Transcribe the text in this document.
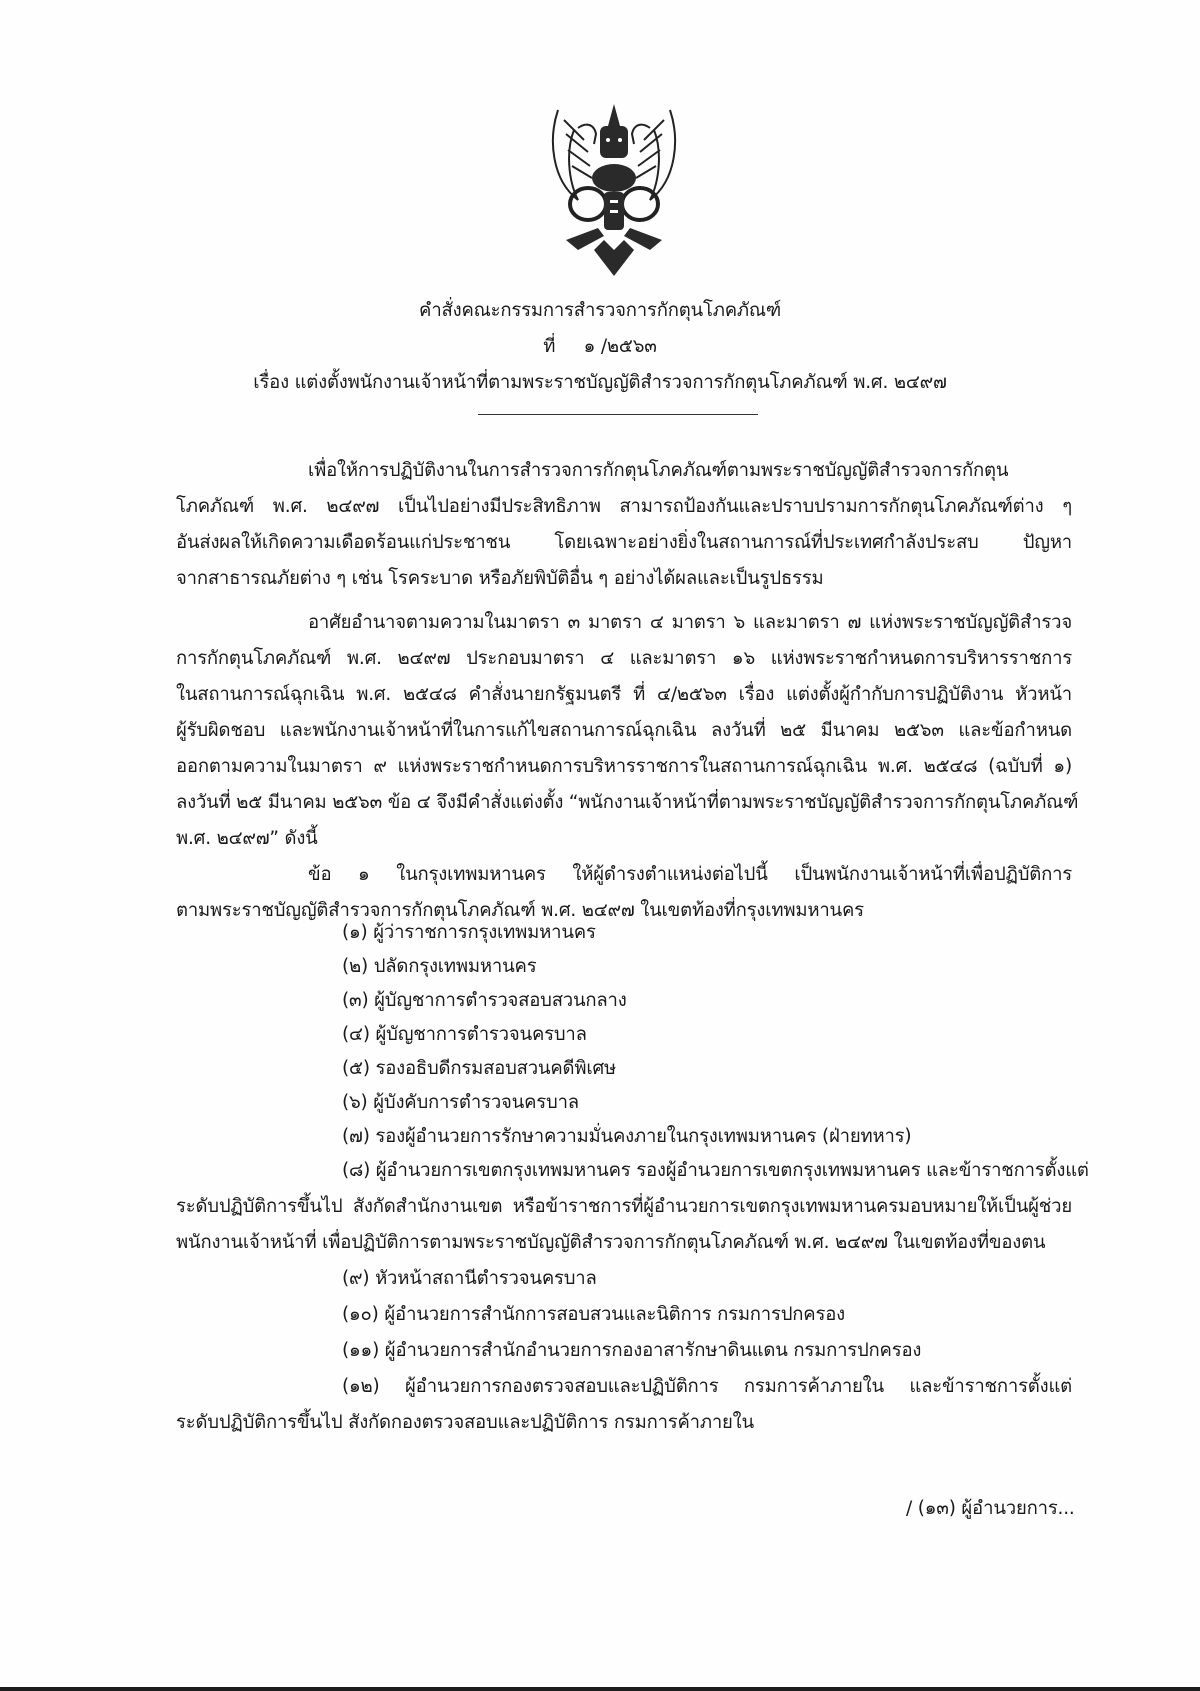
คำสั่งคณะกรรมการสำรวจการกักตุนโภคภัณฑ์
ที่     ๑ /๒๕๖๓
เรื่อง แต่งตั้งพนักงานเจ้าหน้าที่ตามพระราชบัญญัติสำรวจการกักตุนโภคภัณฑ์ พ.ศ. ๒๔๙๗
เพื่อให้การปฏิบัติงานในการสำรวจการกักตุนโภคภัณฑ์ตามพระราชบัญญัติสำรวจการกักตุน
โภคภัณฑ์ พ.ศ. ๒๔๙๗ เป็นไปอย่างมีประสิทธิภาพ สามารถป้องกันและปราบปรามการกักตุนโภคภัณฑ์ต่าง ๆ
อันส่งผลให้เกิดความเดือดร้อนแก่ประชาชน โดยเฉพาะอย่างยิ่งในสถานการณ์ที่ประเทศกำลังประสบ ปัญหา
จากสาธารณภัยต่าง ๆ เช่น โรคระบาด หรือภัยพิบัติอื่น ๆ อย่างได้ผลและเป็นรูปธรรม
อาศัยอำนาจตามความในมาตรา ๓ มาตรา ๔ มาตรา ๖ และมาตรา ๗ แห่งพระราชบัญญัติสำรวจ
การกักตุนโภคภัณฑ์ พ.ศ. ๒๔๙๗ ประกอบมาตรา ๔ และมาตรา ๑๖ แห่งพระราชกำหนดการบริหารราชการ
ในสถานการณ์ฉุกเฉิน พ.ศ. ๒๕๔๘ คำสั่งนายกรัฐมนตรี ที่ ๔/๒๕๖๓ เรื่อง แต่งตั้งผู้กำกับการปฏิบัติงาน หัวหน้า
ผู้รับผิดชอบ และพนักงานเจ้าหน้าที่ในการแก้ไขสถานการณ์ฉุกเฉิน ลงวันที่ ๒๕ มีนาคม ๒๕๖๓ และข้อกำหนด
ออกตามความในมาตรา ๙ แห่งพระราชกำหนดการบริหารราชการในสถานการณ์ฉุกเฉิน พ.ศ. ๒๕๔๘ (ฉบับที่ ๑)
ลงวันที่ ๒๕ มีนาคม ๒๕๖๓ ข้อ ๔ จึงมีคำสั่งแต่งตั้ง “พนักงานเจ้าหน้าที่ตามพระราชบัญญัติสำรวจการกักตุนโภคภัณฑ์
พ.ศ. ๒๔๙๗” ดังนี้
ข้อ ๑ ในกรุงเทพมหานคร ให้ผู้ดำรงตำแหน่งต่อไปนี้ เป็นพนักงานเจ้าหน้าที่เพื่อปฏิบัติการ
ตามพระราชบัญญัติสำรวจการกักตุนโภคภัณฑ์ พ.ศ. ๒๔๙๗ ในเขตท้องที่กรุงเทพมหานคร
(๑) ผู้ว่าราชการกรุงเทพมหานคร
(๒) ปลัดกรุงเทพมหานคร
(๓) ผู้บัญชาการตำรวจสอบสวนกลาง
(๔) ผู้บัญชาการตำรวจนครบาล
(๕) รองอธิบดีกรมสอบสวนคดีพิเศษ
(๖) ผู้บังคับการตำรวจนครบาล
(๗) รองผู้อำนวยการรักษาความมั่นคงภายในกรุงเทพมหานคร (ฝ่ายทหาร)
(๘) ผู้อำนวยการเขตกรุงเทพมหานคร รองผู้อำนวยการเขตกรุงเทพมหานคร และข้าราชการตั้งแต่
ระดับปฏิบัติการขึ้นไป สังกัดสำนักงานเขต หรือข้าราชการที่ผู้อำนวยการเขตกรุงเทพมหานครมอบหมายให้เป็นผู้ช่วย
พนักงานเจ้าหน้าที่ เพื่อปฏิบัติการตามพระราชบัญญัติสำรวจการกักตุนโภคภัณฑ์ พ.ศ. ๒๔๙๗ ในเขตท้องที่ของตน
(๙) หัวหน้าสถานีตำรวจนครบาล
(๑๐) ผู้อำนวยการสำนักการสอบสวนและนิติการ กรมการปกครอง
(๑๑) ผู้อำนวยการสำนักอำนวยการกองอาสารักษาดินแดน กรมการปกครอง
(๑๒) ผู้อำนวยการกองตรวจสอบและปฏิบัติการ กรมการค้าภายใน และข้าราชการตั้งแต่
ระดับปฏิบัติการขึ้นไป สังกัดกองตรวจสอบและปฏิบัติการ กรมการค้าภายใน
/ (๑๓) ผู้อำนวยการ...
